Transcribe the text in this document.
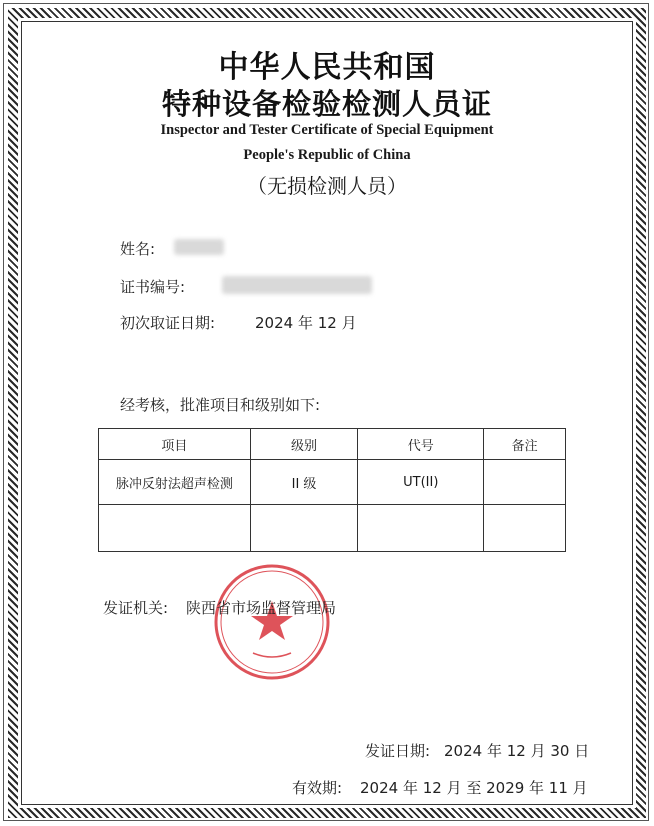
中华人民共和国
特种设备检验检测人员证
Inspector and Tester Certificate of Special Equipment
People's Republic of China
（无损检测人员）
姓名:
证书编号:
初次取证日期:	2024 年 12 月
经考核，批准项目和级别如下:
项目	级别	代号	备注
脉冲反射法超声检测	II 级	UT(II)	

发证机关: 陕西省市场监督管理局
发证日期: 2024 年 12 月 30 日
有效期: 2024 年 12 月 至 2029 年 11 月
